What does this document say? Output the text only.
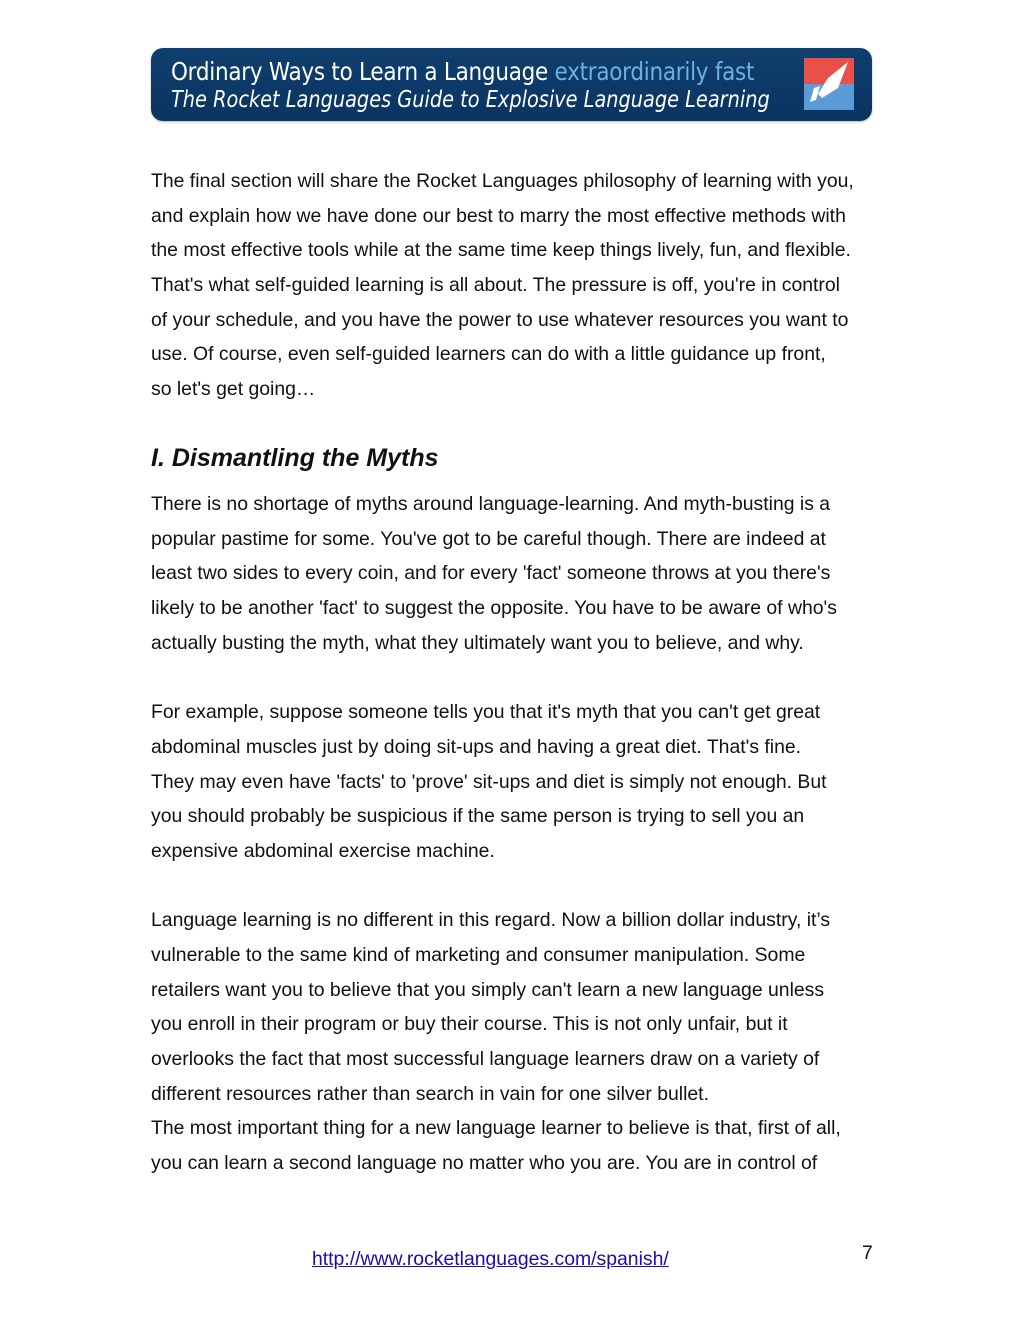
Ordinary Ways to Learn a Language extraordinarily fast
The Rocket Languages Guide to Explosive Language Learning
The final section will share the Rocket Languages philosophy of learning with you,
and explain how we have done our best to marry the most effective methods with
the most effective tools while at the same time keep things lively, fun, and flexible.
That's what self-guided learning is all about. The pressure is off, you're in control
of your schedule, and you have the power to use whatever resources you want to
use. Of course, even self-guided learners can do with a little guidance up front,
so let's get going…
I. Dismantling the Myths
There is no shortage of myths around language-learning. And myth-busting is a
popular pastime for some. You've got to be careful though. There are indeed at
least two sides to every coin, and for every 'fact' someone throws at you there's
likely to be another 'fact' to suggest the opposite. You have to be aware of who's
actually busting the myth, what they ultimately want you to believe, and why.
For example, suppose someone tells you that it's myth that you can't get great
abdominal muscles just by doing sit-ups and having a great diet. That's fine.
They may even have 'facts' to 'prove' sit-ups and diet is simply not enough. But
you should probably be suspicious if the same person is trying to sell you an
expensive abdominal exercise machine.
Language learning is no different in this regard. Now a billion dollar industry, it’s
vulnerable to the same kind of marketing and consumer manipulation. Some
retailers want you to believe that you simply can't learn a new language unless
you enroll in their program or buy their course. This is not only unfair, but it
overlooks the fact that most successful language learners draw on a variety of
different resources rather than search in vain for one silver bullet.
The most important thing for a new language learner to believe is that, first of all,
you can learn a second language no matter who you are. You are in control of
http://www.rocketlanguages.com/spanish/	7
